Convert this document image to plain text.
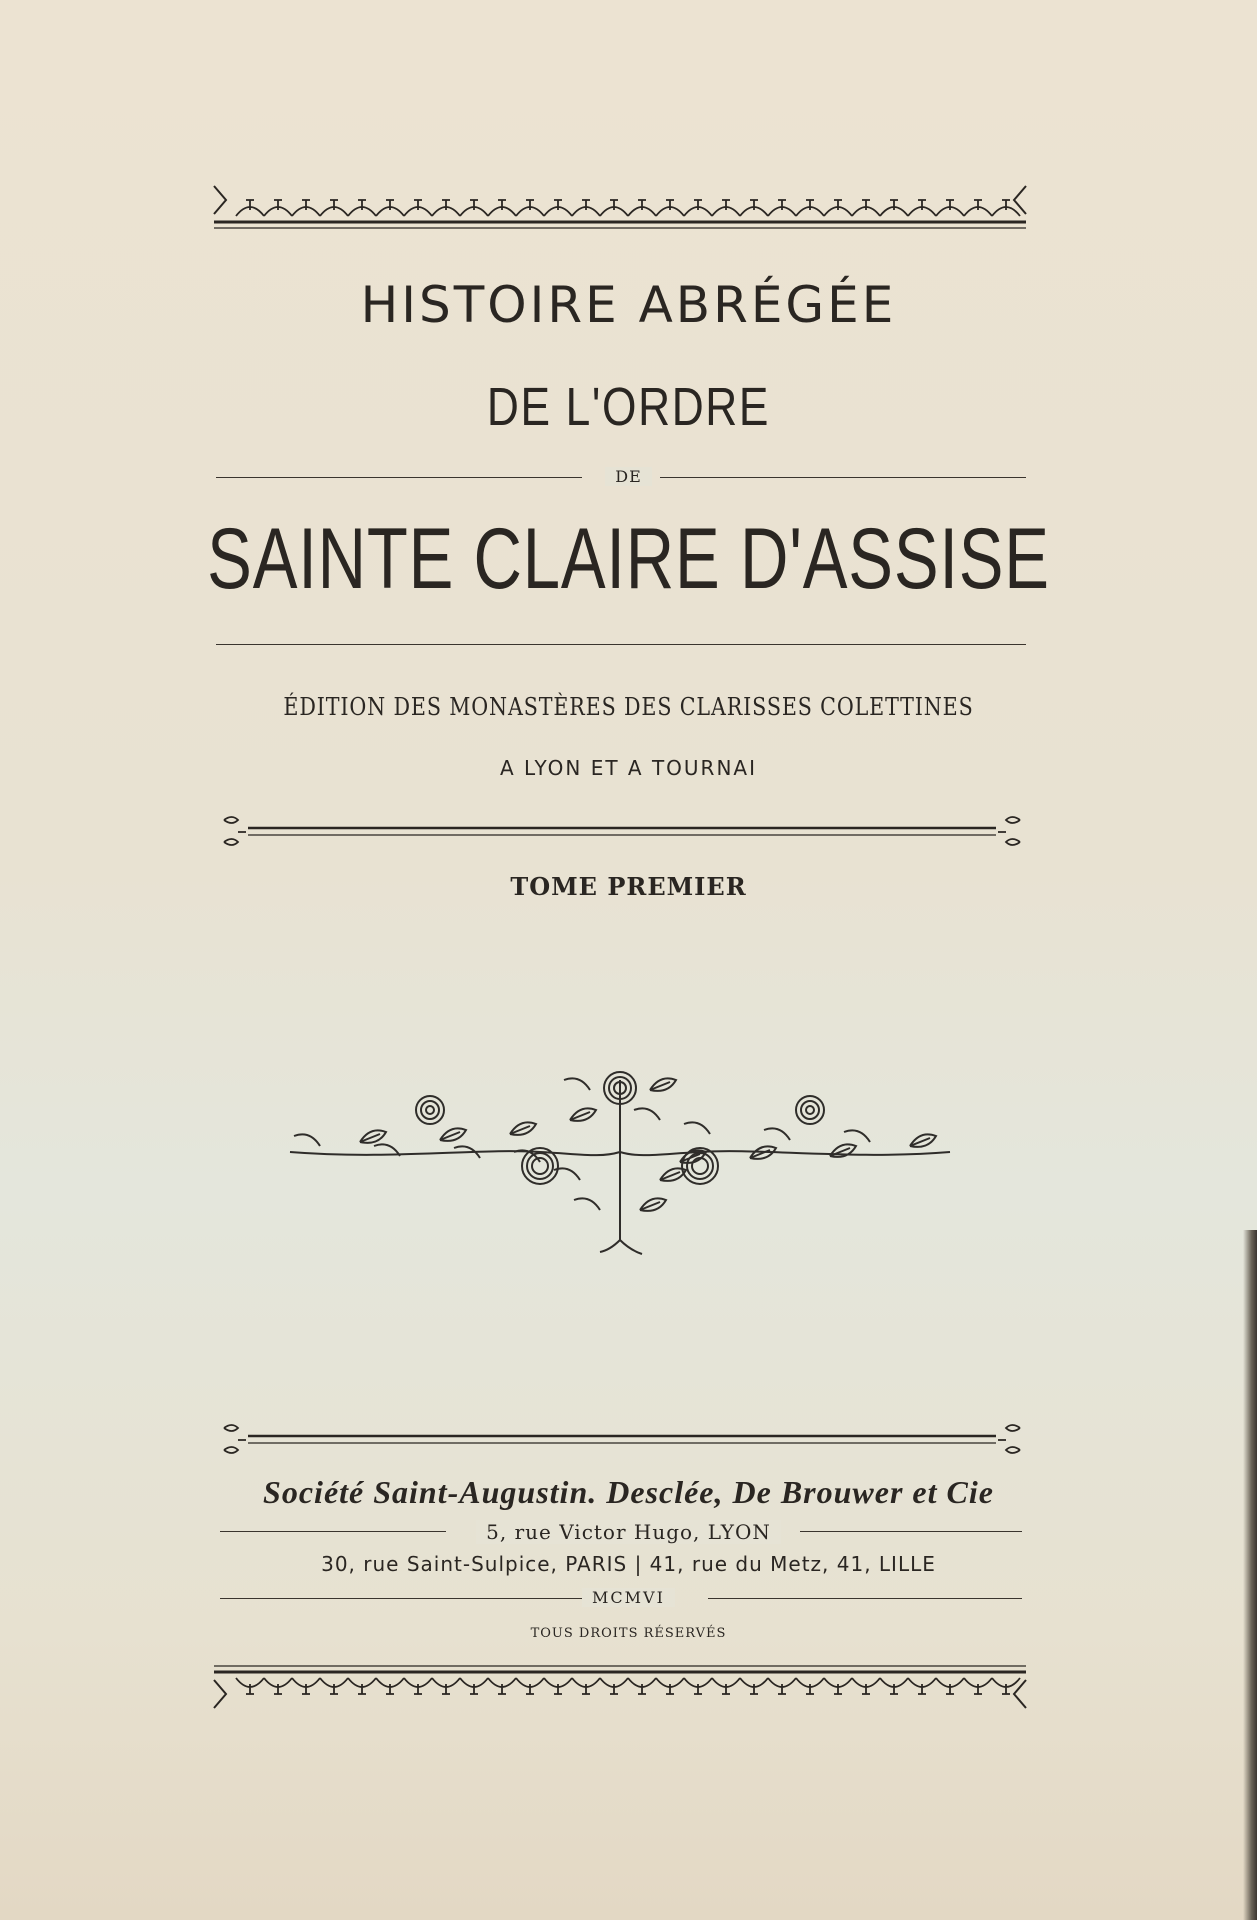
HISTOIRE ABRÉGÉE
DE L'ORDRE
DE
SAINTE CLAIRE D'ASSISE
ÉDITION DES MONASTÈRES DES CLARISSES COLETTINES
A LYON ET A TOURNAI
TOME PREMIER
Société Saint-Augustin. Desclée, De Brouwer et Cie
5, rue Victor Hugo, LYON
30, rue Saint-Sulpice, PARIS | 41, rue du Metz, 41, LILLE
MCMVI
TOUS DROITS RÉSERVÉS
